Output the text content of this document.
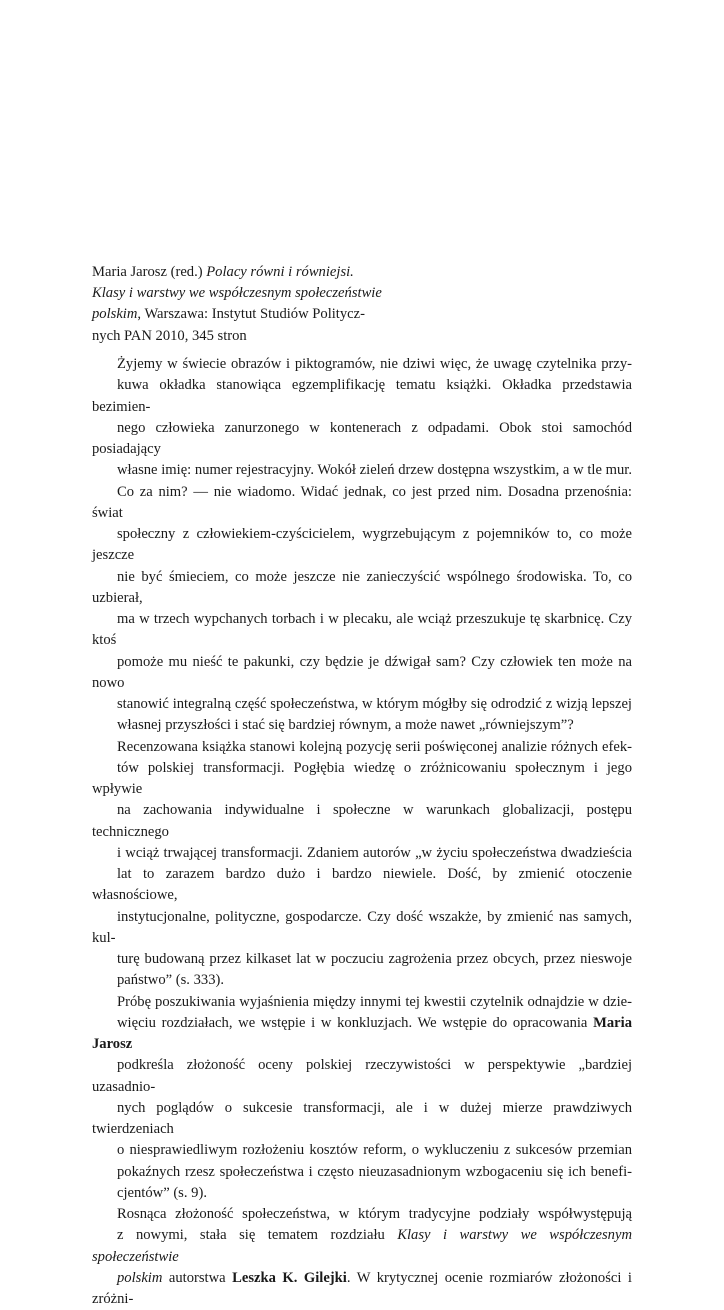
Maria Jarosz (red.) Polacy równi i równiejsi.
Klasy i warstwy we współczesnym społeczeństwie
polskim, Warszawa: Instytut Studiów Politycz-
nych PAN 2010, 345 stron

Żyjemy w świecie obrazów i piktogramów, nie dziwi więc, że uwagę czytelnika przy-
kuwa okładka stanowiąca egzemplifikację tematu książki. Okładka przedstawia bezimien-
nego człowieka zanurzonego w kontenerach z odpadami. Obok stoi samochód posiadający
własne imię: numer rejestracyjny. Wokół zieleń drzew dostępna wszystkim, a w tle mur.
Co za nim? — nie wiadomo. Widać jednak, co jest przed nim. Dosadna przenośnia: świat
społeczny z człowiekiem-czyścicielem, wygrzebującym z pojemników to, co może jeszcze
nie być śmieciem, co może jeszcze nie zanieczyścić wspólnego środowiska. To, co uzbierał,
ma w trzech wypchanych torbach i w plecaku, ale wciąż przeszukuje tę skarbnicę. Czy ktoś
pomoże mu nieść te pakunki, czy będzie je dźwigał sam? Czy człowiek ten może na nowo
stanowić integralną część społeczeństwa, w którym mógłby się odrodzić z wizją lepszej
własnej przyszłości i stać się bardziej równym, a może nawet „równiejszym”?

Recenzowana książka stanowi kolejną pozycję serii poświęconej analizie różnych efek-
tów polskiej transformacji. Pogłębia wiedzę o zróżnicowaniu społecznym i jego wpływie
na zachowania indywidualne i społeczne w warunkach globalizacji, postępu technicznego
i wciąż trwającej transformacji. Zdaniem autorów „w życiu społeczeństwa dwadzieścia
lat to zarazem bardzo dużo i bardzo niewiele. Dość, by zmienić otoczenie własnościowe,
instytucjonalne, polityczne, gospodarcze. Czy dość wszakże, by zmienić nas samych, kul-
turę budowaną przez kilkaset lat w poczuciu zagrożenia przez obcych, przez nieswoje
państwo” (s. 333).

Próbę poszukiwania wyjaśnienia między innymi tej kwestii czytelnik odnajdzie w dzie-
więciu rozdziałach, we wstępie i w konkluzjach. We wstępie do opracowania Maria Jarosz
podkreśla złożoność oceny polskiej rzeczywistości w perspektywie „bardziej uzasadnio-
nych poglądów o sukcesie transformacji, ale i w dużej mierze prawdziwych twierdzeniach
o niesprawiedliwym rozłożeniu kosztów reform, o wykluczeniu z sukcesów przemian
pokaźnych rzesz społeczeństwa i często nieuzasadnionym wzbogaceniu się ich benefi-
cjentów” (s. 9).

Rosnąca złożoność społeczeństwa, w którym tradycyjne podziały współwystępują
z nowymi, stała się tematem rozdziału Klasy i warstwy we współczesnym społeczeństwie
polskim autorstwa Leszka K. Gilejki. W krytycznej ocenie rozmiarów złożoności i zróżni-
